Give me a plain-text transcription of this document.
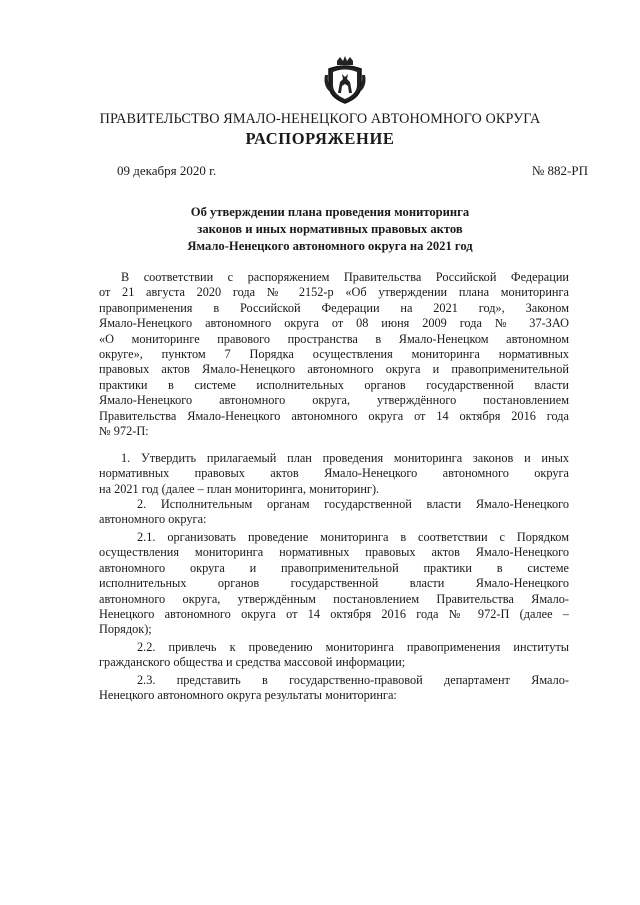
ПРАВИТЕЛЬСТВО ЯМАЛО-НЕНЕЦКОГО АВТОНОМНОГО ОКРУГА
РАСПОРЯЖЕНИЕ
09 декабря 2020 г.	№ 882-РП
Об утверждении плана проведения мониторинга
законов и иных нормативных правовых актов
Ямало-Ненецкого автономного округа на 2021 год
В соответствии с распоряжением Правительства Российской Федерации
от 21 августа 2020 года № 2152-р «Об утверждении плана мониторинга
правоприменения в Российской Федерации на 2021 год», Законом
Ямало-Ненецкого автономного округа от 08 июня 2009 года № 37-ЗАО
«О мониторинге правового пространства в Ямало-Ненецком автономном
округе», пунктом 7 Порядка осуществления мониторинга нормативных
правовых актов Ямало-Ненецкого автономного округа и правоприменительной
практики в системе исполнительных органов государственной власти
Ямало-Ненецкого автономного округа, утверждённого постановлением
Правительства Ямало-Ненецкого автономного округа от 14 октября 2016 года
№ 972-П:
1. Утвердить прилагаемый план проведения мониторинга законов и иных
нормативных правовых актов Ямало-Ненецкого автономного округа
на 2021 год (далее – план мониторинга, мониторинг).
2. Исполнительным органам государственной власти Ямало-Ненецкого
автономного округа:
2.1. организовать проведение мониторинга в соответствии с Порядком
осуществления мониторинга нормативных правовых актов Ямало-Ненецкого
автономного округа и правоприменительной практики в системе
исполнительных органов государственной власти Ямало-Ненецкого
автономного округа, утверждённым постановлением Правительства Ямало-
Ненецкого автономного округа от 14 октября 2016 года № 972-П (далее –
Порядок);
2.2. привлечь к проведению мониторинга правоприменения институты
гражданского общества и средства массовой информации;
2.3. представить в государственно-правовой департамент Ямало-
Ненецкого автономного округа результаты мониторинга:
